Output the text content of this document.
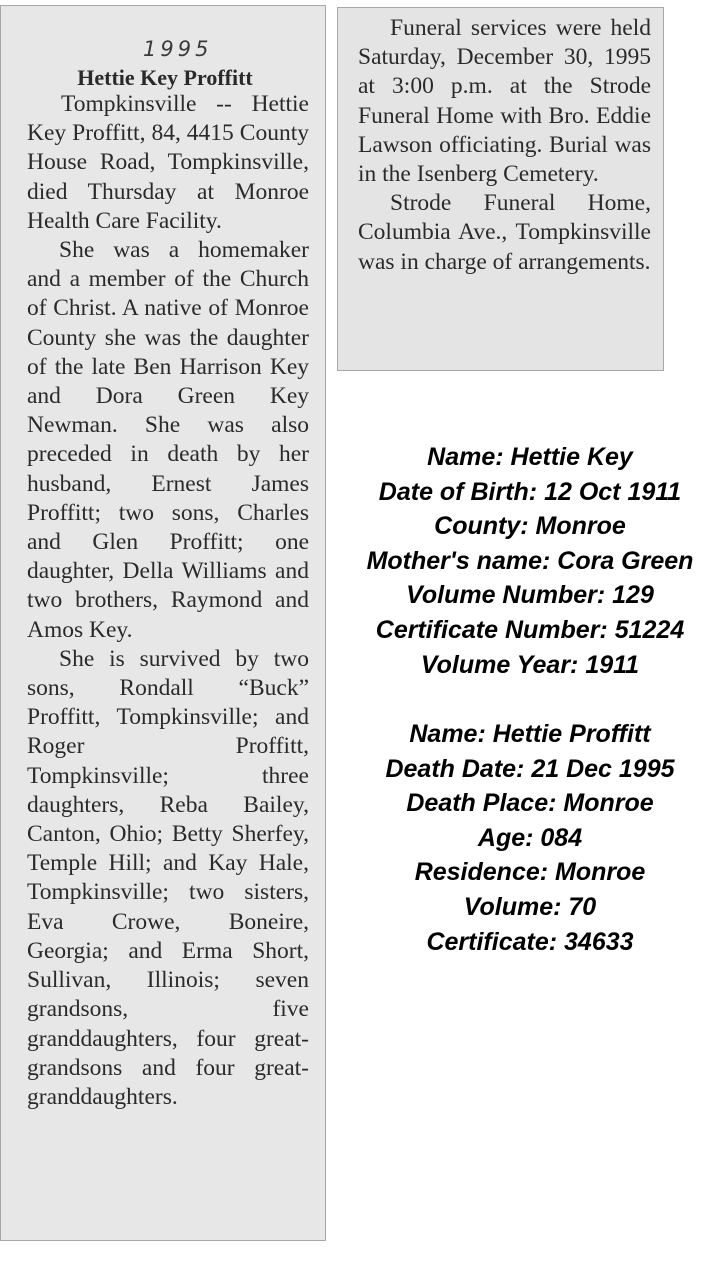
1995
Hettie Key Proffitt

Tompkinsville -- Hettie Key Proffitt, 84, 4415 County House Road, Tompkinsville, died Thursday at Monroe Health Care Facility.

She was a homemaker and a member of the Church of Christ. A native of Monroe County she was the daughter of the late Ben Harrison Key and Dora Green Key Newman. She was also preceded in death by her husband, Ernest James Proffitt; two sons, Charles and Glen Proffitt; one daughter, Della Williams and two brothers, Raymond and Amos Key.

She is survived by two sons, Rondall “Buck” Proffitt, Tompkinsville; and Roger Proffitt, Tompkinsville; three daughters, Reba Bailey, Canton, Ohio; Betty Sherfey, Temple Hill; and Kay Hale, Tompkinsville; two sisters, Eva Crowe, Boneire, Georgia; and Erma Short, Sullivan, Illinois; seven grandsons, five granddaughters, four great-grandsons and four great-granddaughters.

Funeral services were held Saturday, December 30, 1995 at 3:00 p.m. at the Strode Funeral Home with Bro. Eddie Lawson officiating. Burial was in the Isenberg Cemetery.

Strode Funeral Home, Columbia Ave., Tompkinsville was in charge of arrangements.

Name: Hettie Key
Date of Birth: 12 Oct 1911
County: Monroe
Mother's name: Cora Green
Volume Number: 129
Certificate Number: 51224
Volume Year: 1911
Name: Hettie Proffitt
Death Date: 21 Dec 1995
Death Place: Monroe
Age: 084
Residence: Monroe
Volume: 70
Certificate: 34633
